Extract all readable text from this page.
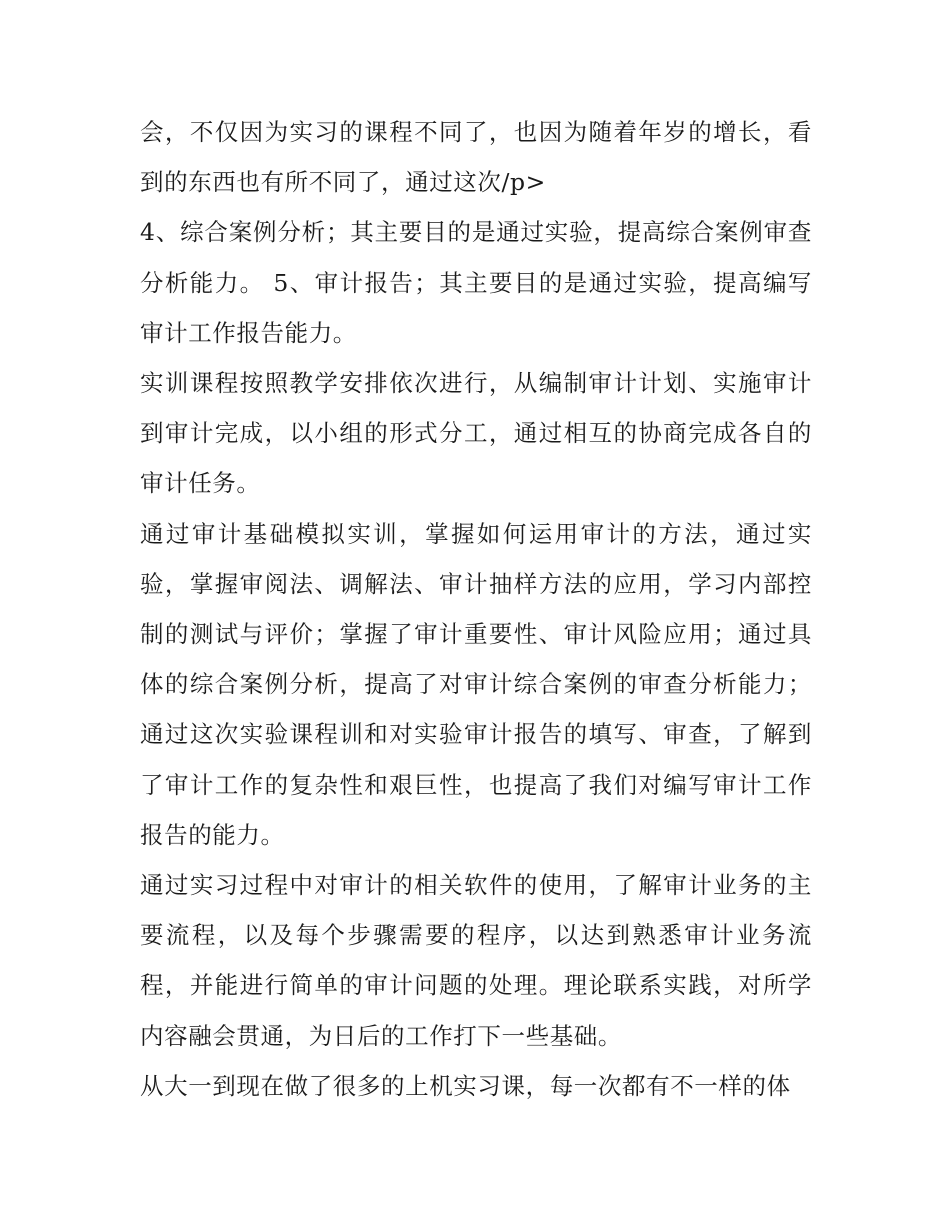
会，不仅因为实习的课程不同了，也因为随着年岁的增长，看到的东西也有所不同了，通过这次/p>

4、综合案例分析；其主要目的是通过实验，提高综合案例审查分析能力。 5、审计报告；其主要目的是通过实验，提高编写审计工作报告能力。

实训课程按照教学安排依次进行，从编制审计计划、实施审计到审计完成，以小组的形式分工，通过相互的协商完成各自的审计任务。

通过审计基础模拟实训，掌握如何运用审计的方法，通过实验，掌握审阅法、调解法、审计抽样方法的应用，学习内部控制的测试与评价；掌握了审计重要性、审计风险应用；通过具体的综合案例分析，提高了对审计综合案例的审查分析能力；通过这次实验课程训和对实验审计报告的填写、审查，了解到了审计工作的复杂性和艰巨性，也提高了我们对编写审计工作报告的能力。

通过实习过程中对审计的相关软件的使用，了解审计业务的主要流程，以及每个步骤需要的程序，以达到熟悉审计业务流程，并能进行简单的审计问题的处理。理论联系实践，对所学内容融会贯通，为日后的工作打下一些基础。

从大一到现在做了很多的上机实习课，每一次都有不一样的体
